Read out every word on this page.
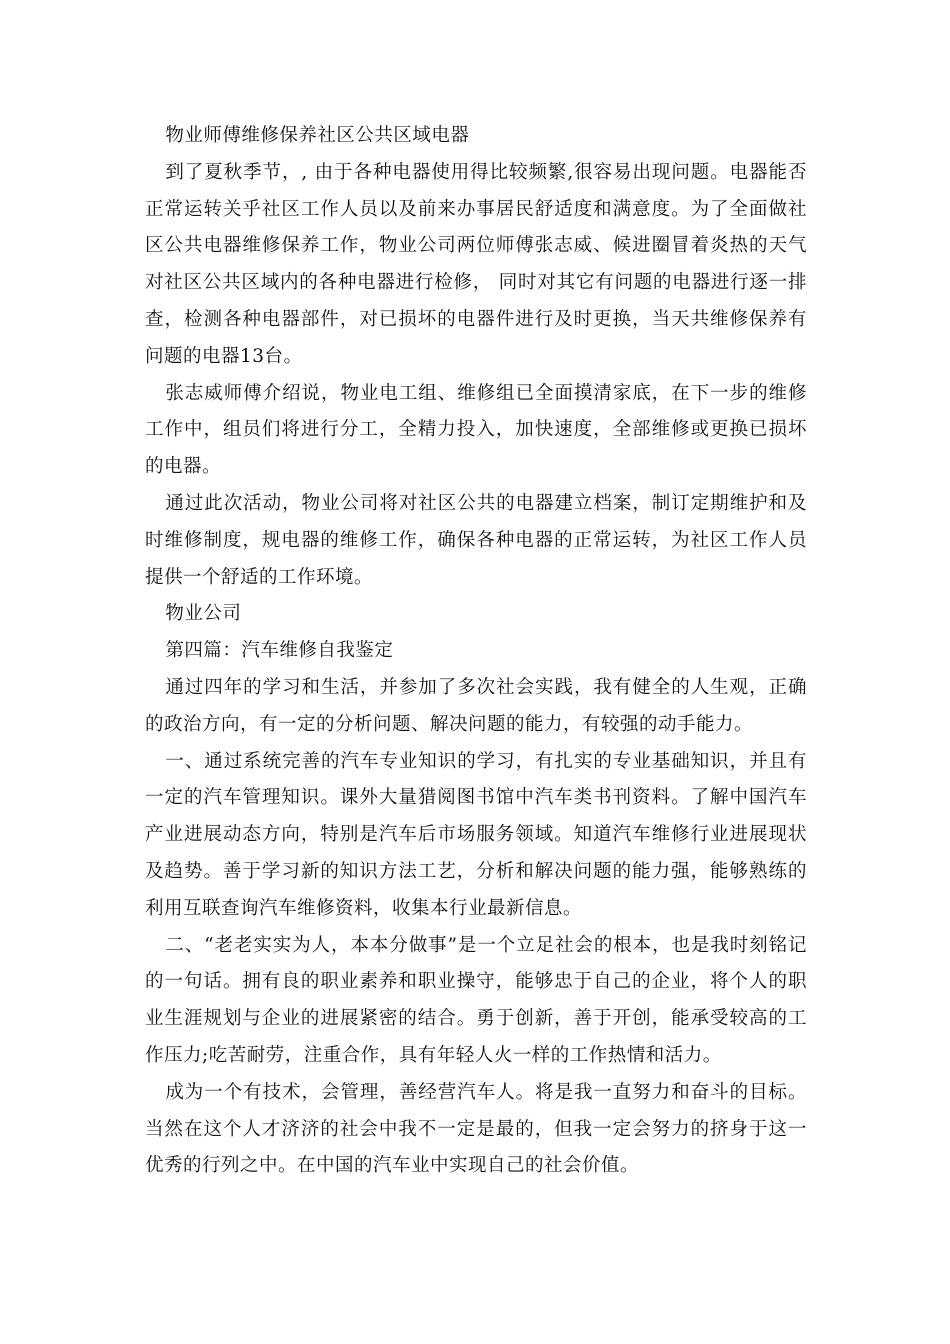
物业师傅维修保养社区公共区域电器

到了夏秋季节，, 由于各种电器使用得比较频繁,很容易出现问题。电器能否正常运转关乎社区工作人员以及前来办事居民舒适度和满意度。为了全面做社区公共电器维修保养工作，物业公司两位师傅张志威、候进圈冒着炎热的天气对社区公共区域内的各种电器进行检修， 同时对其它有问题的电器进行逐一排查，检测各种电器部件，对已损坏的电器件进行及时更换，当天共维修保养有问题的电器13台。

张志威师傅介绍说，物业电工组、维修组已全面摸清家底，在下一步的维修工作中，组员们将进行分工，全精力投入，加快速度，全部维修或更换已损坏的电器。

通过此次活动，物业公司将对社区公共的电器建立档案，制订定期维护和及时维修制度，规电器的维修工作，确保各种电器的正常运转，为社区工作人员提供一个舒适的工作环境。

物业公司

第四篇：汽车维修自我鉴定

通过四年的学习和生活，并参加了多次社会实践，我有健全的人生观，正确的政治方向，有一定的分析问题、解决问题的能力，有较强的动手能力。

一、通过系统完善的汽车专业知识的学习，有扎实的专业基础知识，并且有一定的汽车管理知识。课外大量猎阅图书馆中汽车类书刊资料。了解中国汽车产业进展动态方向，特别是汽车后市场服务领域。知道汽车维修行业进展现状及趋势。善于学习新的知识方法工艺，分析和解决问题的能力强，能够熟练的利用互联查询汽车维修资料，收集本行业最新信息。

二、“老老实实为人，本本分做事”是一个立足社会的根本，也是我时刻铭记的一句话。拥有良的职业素养和职业操守，能够忠于自己的企业，将个人的职业生涯规划与企业的进展紧密的结合。勇于创新，善于开创，能承受较高的工作压力;吃苦耐劳，注重合作，具有年轻人火一样的工作热情和活力。

成为一个有技术，会管理，善经营汽车人。将是我一直努力和奋斗的目标。当然在这个人才济济的社会中我不一定是最的，但我一定会努力的挤身于这一优秀的行列之中。在中国的汽车业中实现自己的社会价值。
